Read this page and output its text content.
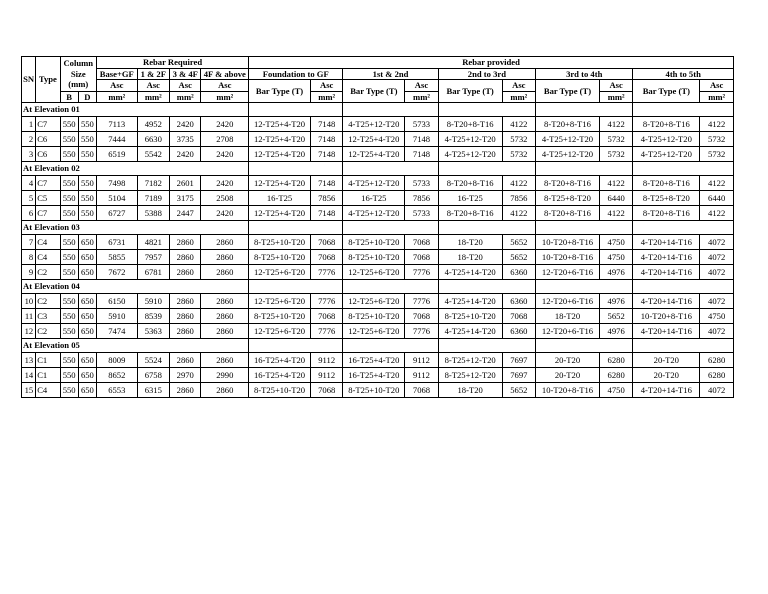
SN	Type	Column Size (mm)		Rebar Required				Rebar provided									
				Base+GF	1 & 2F	3 & 4F	4F & above	Foundation to GF		1st & 2nd		2nd to 3rd		3rd to 4th		4th to 5th	
				Asc	Asc	Asc	Asc	Bar Type (T)	Asc	Bar Type (T)	Asc	Bar Type (T)	Asc	Bar Type (T)	Asc	Bar Type (T)	Asc
		B	D	mm²	mm²	mm²	mm²		mm²		mm²		mm²		mm²		mm²
At Elevation 01																	
1	C7	550	550	7113	4952	2420	2420	12-T25+4-T20	7148	4-T25+12-T20	5733	8-T20+8-T16	4122	8-T20+8-T16	4122	8-T20+8-T16	4122
2	C6	550	550	7444	6630	3735	2708	12-T25+4-T20	7148	12-T25+4-T20	7148	4-T25+12-T20	5732	4-T25+12-T20	5732	4-T25+12-T20	5732
3	C6	550	550	6519	5542	2420	2420	12-T25+4-T20	7148	12-T25+4-T20	7148	4-T25+12-T20	5732	4-T25+12-T20	5732	4-T25+12-T20	5732
At Elevation 02																	
4	C7	550	550	7498	7182	2601	2420	12-T25+4-T20	7148	4-T25+12-T20	5733	8-T20+8-T16	4122	8-T20+8-T16	4122	8-T20+8-T16	4122
5	C5	550	550	5104	7189	3175	2508	16-T25	7856	16-T25	7856	16-T25	7856	8-T25+8-T20	6440	8-T25+8-T20	6440
6	C7	550	550	6727	5388	2447	2420	12-T25+4-T20	7148	4-T25+12-T20	5733	8-T20+8-T16	4122	8-T20+8-T16	4122	8-T20+8-T16	4122
At Elevation 03																	
7	C4	550	650	6731	4821	2860	2860	8-T25+10-T20	7068	8-T25+10-T20	7068	18-T20	5652	10-T20+8-T16	4750	4-T20+14-T16	4072
8	C4	550	650	5855	7957	2860	2860	8-T25+10-T20	7068	8-T25+10-T20	7068	18-T20	5652	10-T20+8-T16	4750	4-T20+14-T16	4072
9	C2	550	650	7672	6781	2860	2860	12-T25+6-T20	7776	12-T25+6-T20	7776	4-T25+14-T20	6360	12-T20+6-T16	4976	4-T20+14-T16	4072
At Elevation 04																	
10	C2	550	650	6150	5910	2860	2860	12-T25+6-T20	7776	12-T25+6-T20	7776	4-T25+14-T20	6360	12-T20+6-T16	4976	4-T20+14-T16	4072
11	C3	550	650	5910	8539	2860	2860	8-T25+10-T20	7068	8-T25+10-T20	7068	8-T25+10-T20	7068	18-T20	5652	10-T20+8-T16	4750
12	C2	550	650	7474	5363	2860	2860	12-T25+6-T20	7776	12-T25+6-T20	7776	4-T25+14-T20	6360	12-T20+6-T16	4976	4-T20+14-T16	4072
At Elevation 05																	
13	C1	550	650	8009	5524	2860	2860	16-T25+4-T20	9112	16-T25+4-T20	9112	8-T25+12-T20	7697	20-T20	6280	20-T20	6280
14	C1	550	650	8652	6758	2970	2990	16-T25+4-T20	9112	16-T25+4-T20	9112	8-T25+12-T20	7697	20-T20	6280	20-T20	6280
15	C4	550	650	6553	6315	2860	2860	8-T25+10-T20	7068	8-T25+10-T20	7068	18-T20	5652	10-T20+8-T16	4750	4-T20+14-T16	4072
